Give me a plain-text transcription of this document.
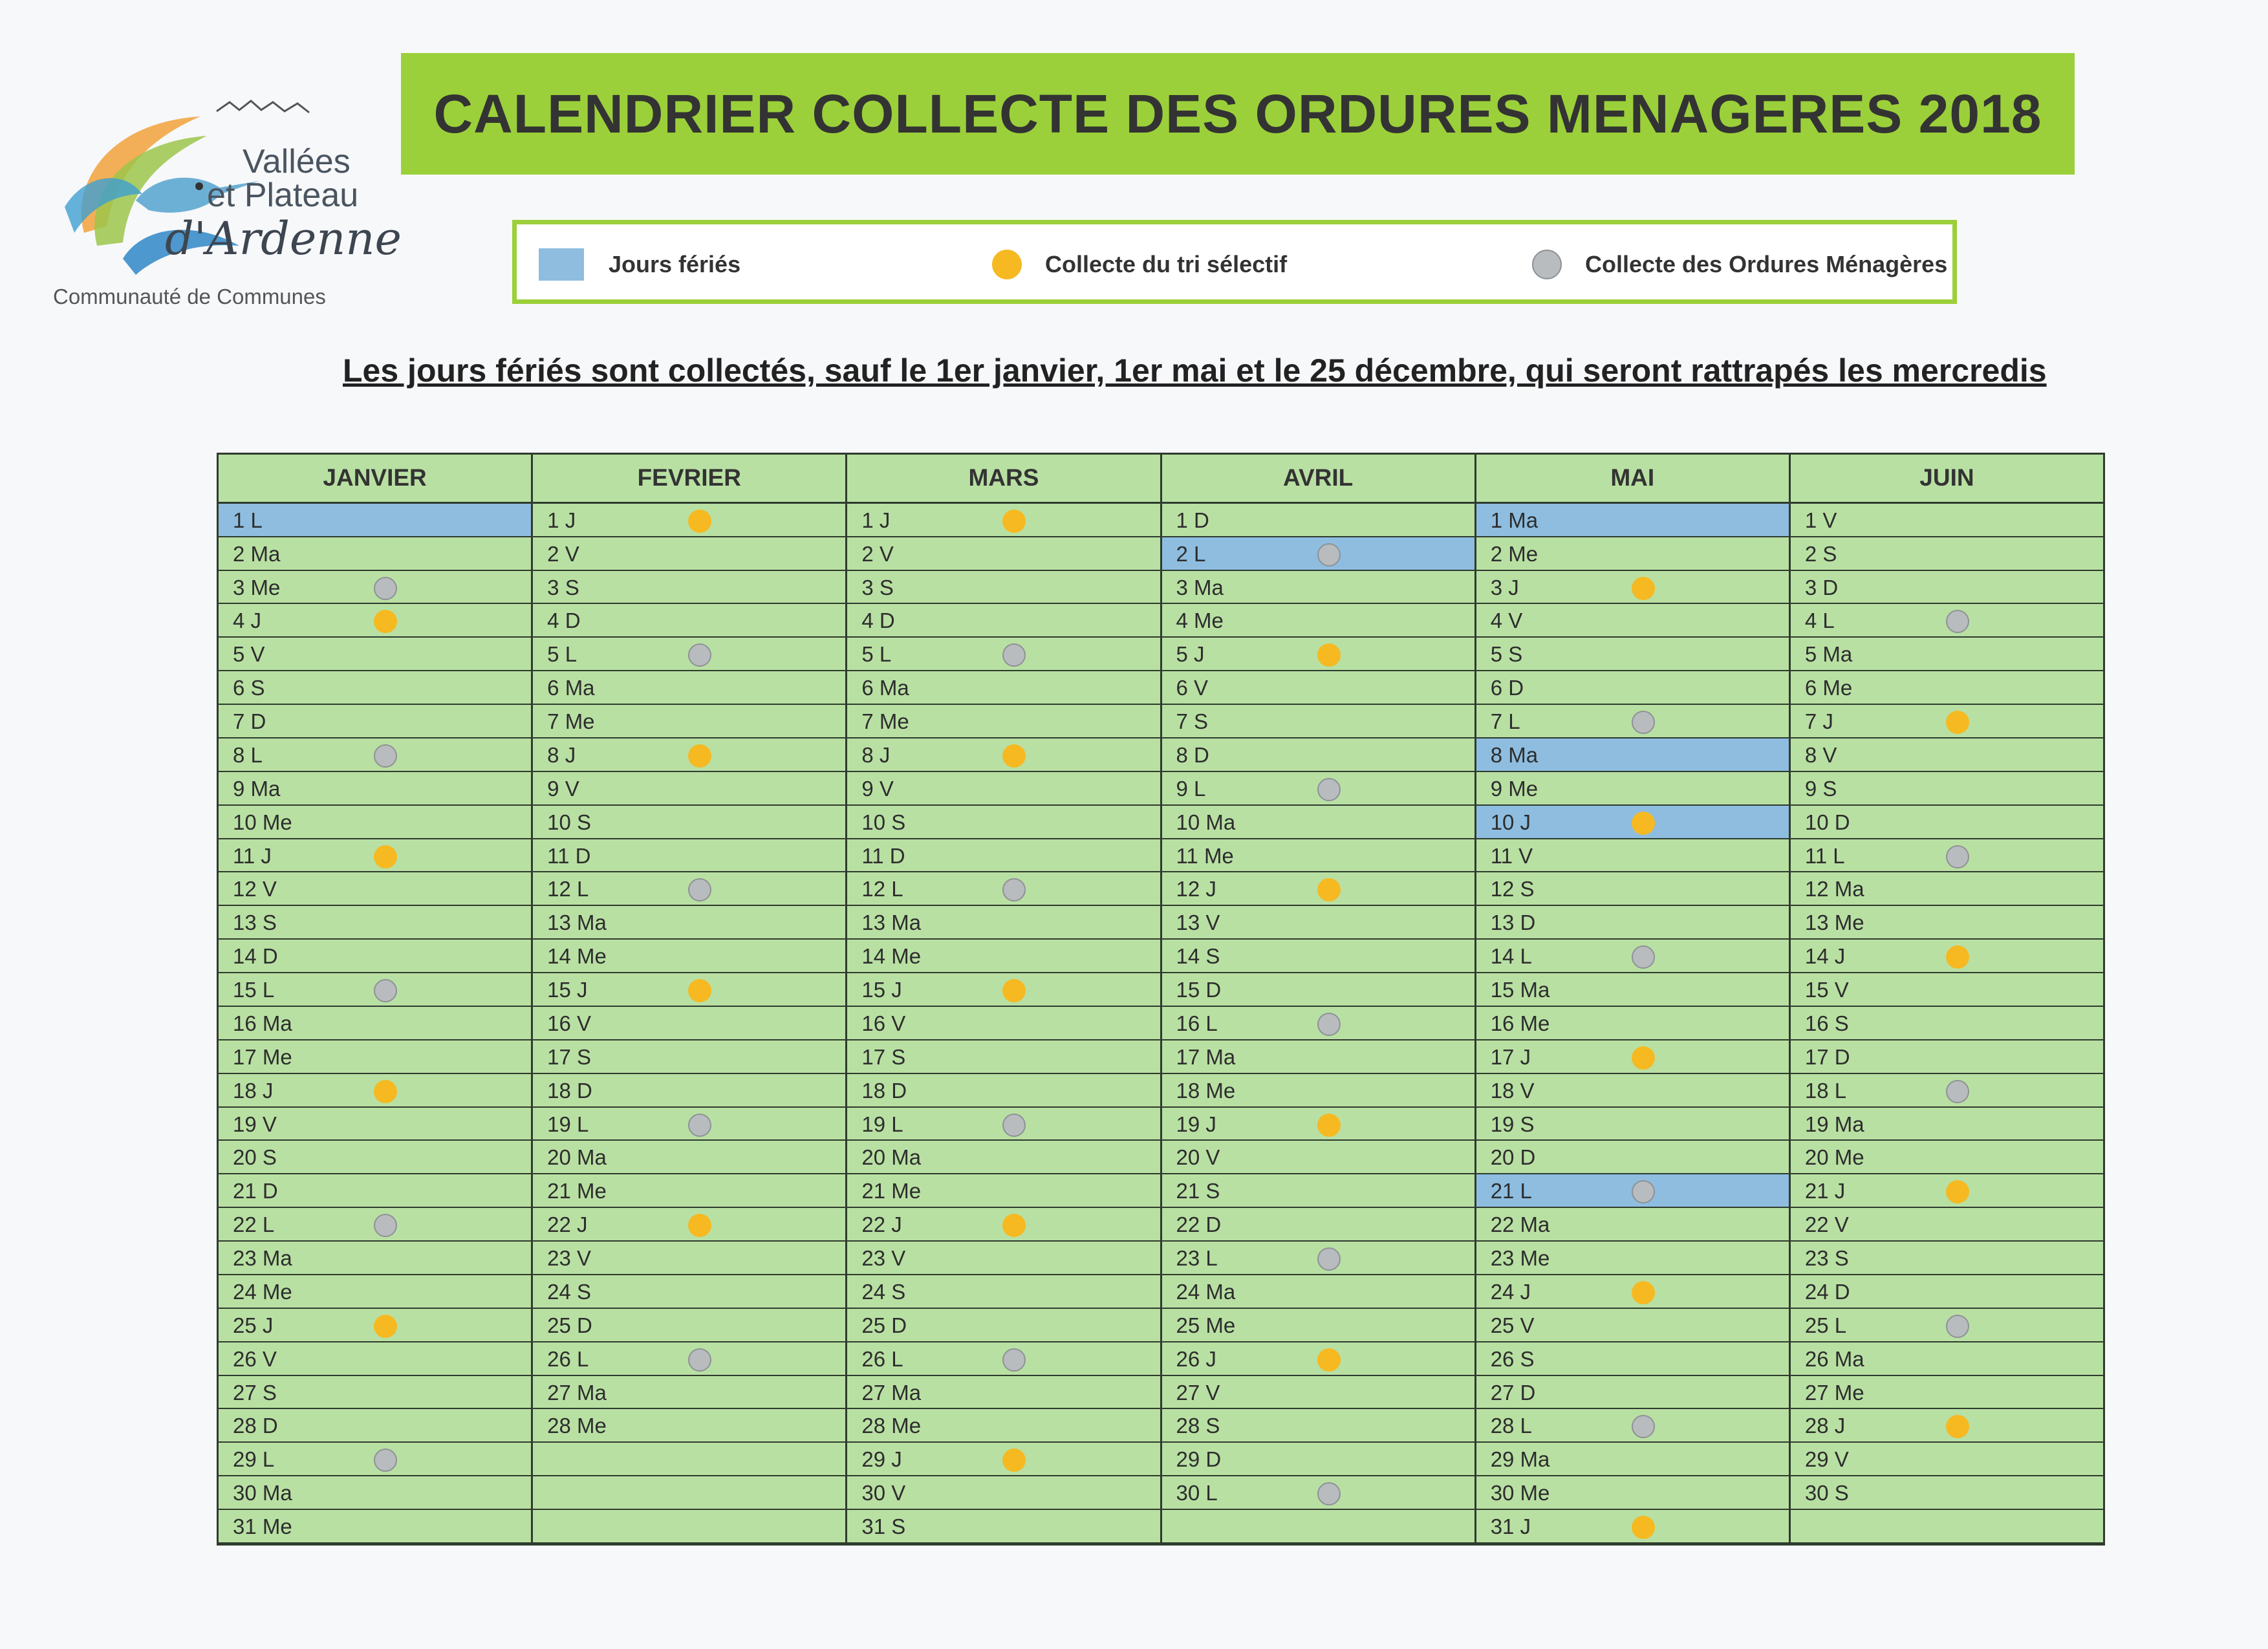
Vallées
et Plateau
d'Ardenne
Communauté de Communes
CALENDRIER COLLECTE DES ORDURES MENAGERES 2018
Jours fériés	Collecte du tri sélectif	Collecte des Ordures Ménagères
Les jours fériés sont collectés, sauf le 1er janvier, 1er mai et le 25 décembre, qui seront rattrapés les mercredis
JANVIER
1 L
2 Ma
3 Me
4 J
5 V
6 S
7 D
8 L
9 Ma
10 Me
11 J
12 V
13 S
14 D
15 L
16 Ma
17 Me
18 J
19 V
20 S
21 D
22 L
23 Ma
24 Me
25 J
26 V
27 S
28 D
29 L
30 Ma
31 Me
FEVRIER
1 J
2 V
3 S
4 D
5 L
6 Ma
7 Me
8 J
9 V
10 S
11 D
12 L
13 Ma
14 Me
15 J
16 V
17 S
18 D
19 L
20 Ma
21 Me
22 J
23 V
24 S
25 D
26 L
27 Ma
28 Me
MARS
1 J
2 V
3 S
4 D
5 L
6 Ma
7 Me
8 J
9 V
10 S
11 D
12 L
13 Ma
14 Me
15 J
16 V
17 S
18 D
19 L
20 Ma
21 Me
22 J
23 V
24 S
25 D
26 L
27 Ma
28 Me
29 J
30 V
31 S
AVRIL
1 D
2 L
3 Ma
4 Me
5 J
6 V
7 S
8 D
9 L
10 Ma
11 Me
12 J
13 V
14 S
15 D
16 L
17 Ma
18 Me
19 J
20 V
21 S
22 D
23 L
24 Ma
25 Me
26 J
27 V
28 S
29 D
30 L
MAI
1 Ma
2 Me
3 J
4 V
5 S
6 D
7 L
8 Ma
9 Me
10 J
11 V
12 S
13 D
14 L
15 Ma
16 Me
17 J
18 V
19 S
20 D
21 L
22 Ma
23 Me
24 J
25 V
26 S
27 D
28 L
29 Ma
30 Me
31 J
JUIN
1 V
2 S
3 D
4 L
5 Ma
6 Me
7 J
8 V
9 S
10 D
11 L
12 Ma
13 Me
14 J
15 V
16 S
17 D
18 L
19 Ma
20 Me
21 J
22 V
23 S
24 D
25 L
26 Ma
27 Me
28 J
29 V
30 S
